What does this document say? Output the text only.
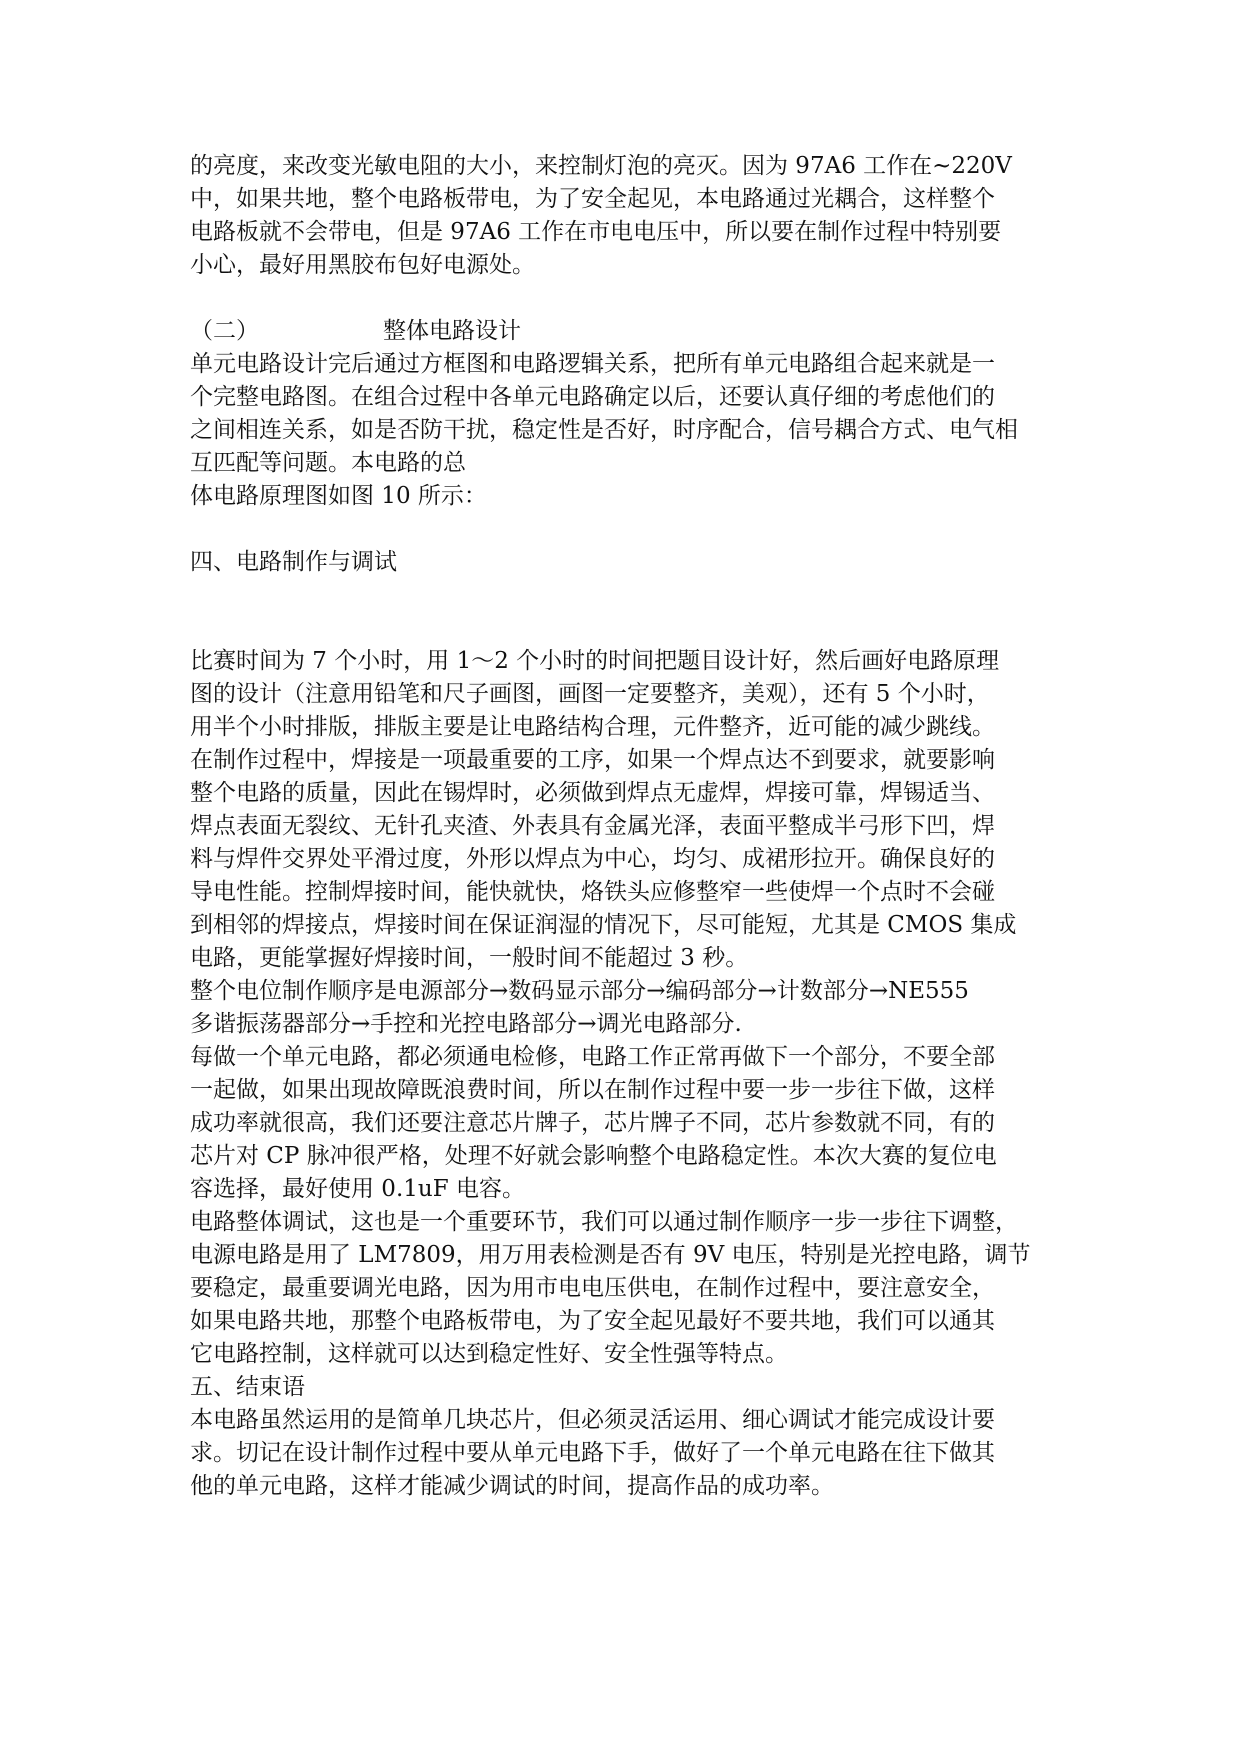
的亮度，来改变光敏电阻的大小，来控制灯泡的亮灭。因为 97A6 工作在~220V
中，如果共地，整个电路板带电，为了安全起见，本电路通过光耦合，这样整个
电路板就不会带电，但是 97A6 工作在市电电压中，所以要在制作过程中特别要
小心，最好用黑胶布包好电源处。
（二）	整体电路设计
单元电路设计完后通过方框图和电路逻辑关系，把所有单元电路组合起来就是一
个完整电路图。在组合过程中各单元电路确定以后，还要认真仔细的考虑他们的
之间相连关系，如是否防干扰，稳定性是否好，时序配合，信号耦合方式、电气相
互匹配等问题。本电路的总
体电路原理图如图 10 所示：
四、电路制作与调试
比赛时间为 7 个小时，用 1～2 个小时的时间把题目设计好，然后画好电路原理
图的设计（注意用铅笔和尺子画图，画图一定要整齐，美观），还有 5 个小时，
用半个小时排版，排版主要是让电路结构合理，元件整齐，近可能的减少跳线。
在制作过程中，焊接是一项最重要的工序，如果一个焊点达不到要求，就要影响
整个电路的质量，因此在锡焊时，必须做到焊点无虚焊，焊接可靠，焊锡适当、
焊点表面无裂纹、无针孔夹渣、外表具有金属光泽，表面平整成半弓形下凹，焊
料与焊件交界处平滑过度，外形以焊点为中心，均匀、成裙形拉开。确保良好的
导电性能。控制焊接时间，能快就快，烙铁头应修整窄一些使焊一个点时不会碰
到相邻的焊接点，焊接时间在保证润湿的情况下，尽可能短，尤其是 CMOS 集成
电路，更能掌握好焊接时间，一般时间不能超过 3 秒。
整个电位制作顺序是电源部分→数码显示部分→编码部分→计数部分→NE555
多谐振荡器部分→手控和光控电路部分→调光电路部分.
每做一个单元电路，都必须通电检修，电路工作正常再做下一个部分，不要全部
一起做，如果出现故障既浪费时间，所以在制作过程中要一步一步往下做，这样
成功率就很高，我们还要注意芯片牌子，芯片牌子不同，芯片参数就不同，有的
芯片对 CP 脉冲很严格，处理不好就会影响整个电路稳定性。本次大赛的复位电
容选择，最好使用 0.1uF 电容。
电路整体调试，这也是一个重要环节，我们可以通过制作顺序一步一步往下调整，
电源电路是用了 LM7809，用万用表检测是否有 9V 电压，特别是光控电路，调节
要稳定，最重要调光电路，因为用市电电压供电，在制作过程中，要注意安全，
如果电路共地，那整个电路板带电，为了安全起见最好不要共地，我们可以通其
它电路控制，这样就可以达到稳定性好、安全性强等特点。
五、结束语
本电路虽然运用的是简单几块芯片，但必须灵活运用、细心调试才能完成设计要
求。切记在设计制作过程中要从单元电路下手，做好了一个单元电路在往下做其
他的单元电路，这样才能减少调试的时间，提高作品的成功率。
